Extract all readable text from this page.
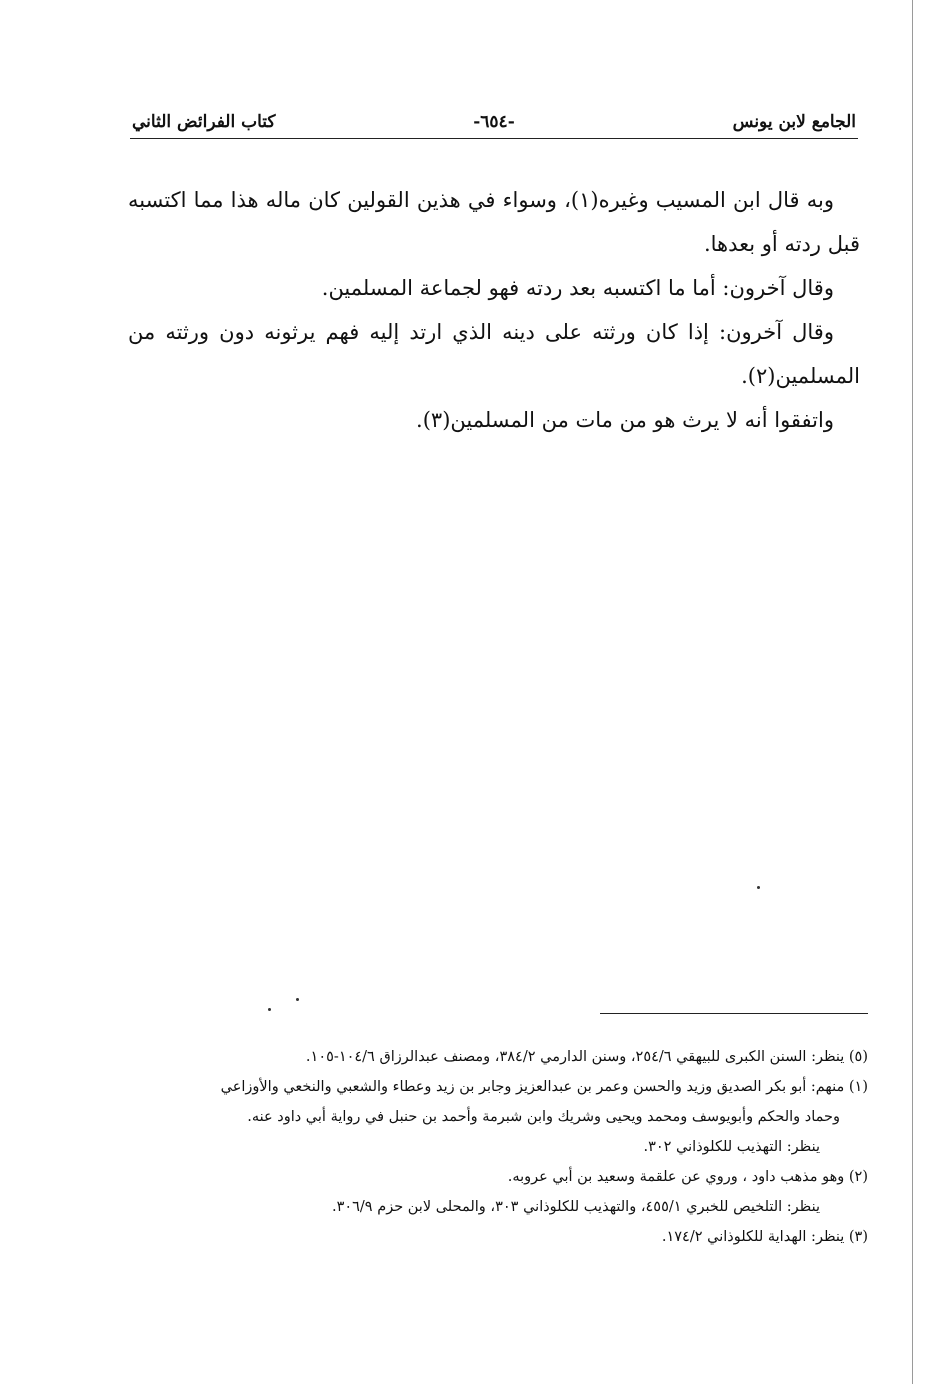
الجامع لابن يونس
-٦٥٤-
كتاب الفرائض الثاني

وبه قال ابن المسيب وغيره(١)، وسواء في هذين القولين كان ماله هذا مما اكتسبه قبل ردته أو بعدها.

وقال آخرون: أما ما اكتسبه بعد ردته فهو لجماعة المسلمين.

وقال آخرون: إذا كان ورثته على دينه الذي ارتد إليه فهم يرثونه دون ورثته من المسلمين(٢).

واتفقوا أنه لا يرث هو من مات من المسلمين(٣).

(٥) ينظر: السنن الكبرى للبيهقي ٢٥٤/٦، وسنن الدارمي ٣٨٤/٢، ومصنف عبدالرزاق ١٠٤/٦-١٠٥.

(١) منهم: أبو بكر الصديق وزيد والحسن وعمر بن عبدالعزيز وجابر بن زيد وعطاء والشعبي والنخعي والأوزاعي

وحماد والحكم وأبويوسف ومحمد ويحيى وشريك وابن شبرمة وأحمد بن حنبل في رواية أبي داود عنه.

ينظر: التهذيب للكلوذاني ٣٠٢.

(٢) وهو مذهب داود ، وروي عن علقمة وسعيد بن أبي عروبه.

ينظر: التلخيص للخبري ٤٥٥/١، والتهذيب للكلوذاني ٣٠٣، والمحلى لابن حزم ٣٠٦/٩.

(٣) ينظر: الهداية للكلوذاني ١٧٤/٢.
